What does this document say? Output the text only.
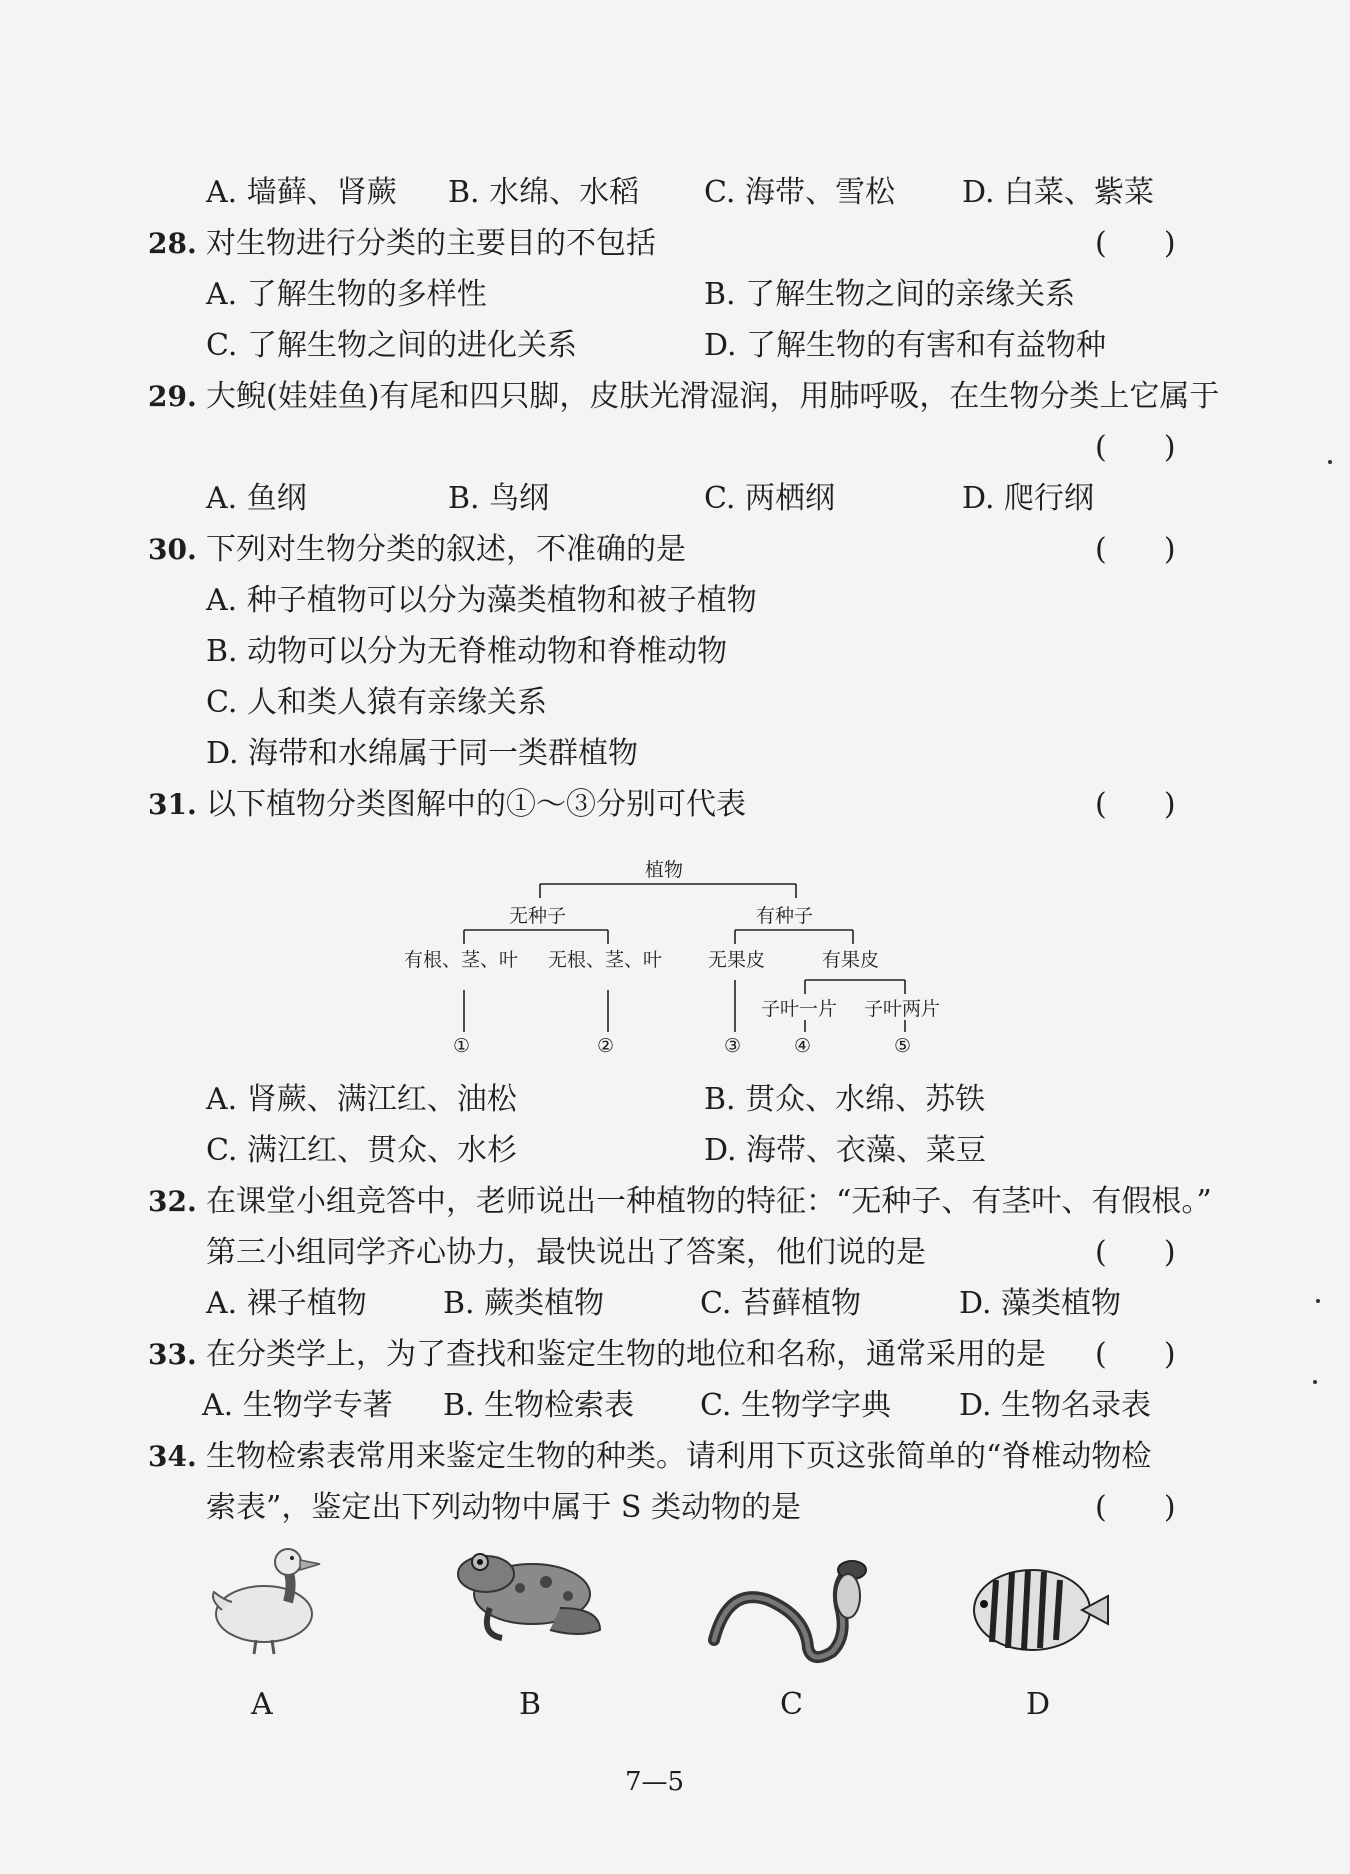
A. 墙藓、肾蕨 B. 水绵、水稻 C. 海带、雪松 D. 白菜、紫菜
28. 对生物进行分类的主要目的不包括	(      )
A. 了解生物的多样性	B. 了解生物之间的亲缘关系
C. 了解生物之间的进化关系	D. 了解生物的有害和有益物种
29. 大鲵(娃娃鱼)有尾和四只脚，皮肤光滑湿润，用肺呼吸，在生物分类上它属于
(      )
A. 鱼纲	B. 鸟纲	C. 两栖纲	D. 爬行纲
30. 下列对生物分类的叙述，不准确的是	(      )
A. 种子植物可以分为藻类植物和被子植物
B. 动物可以分为无脊椎动物和脊椎动物
C. 人和类人猿有亲缘关系
D. 海带和水绵属于同一类群植物
31. 以下植物分类图解中的①～③分别可代表	(      )
植物
无种子	有种子
有根、茎、叶 无根、茎、叶 无果皮	有果皮
子叶一片 子叶两片
①	②	③	④	⑤
A. 肾蕨、满江红、油松	B. 贯众、水绵、苏铁
C. 满江红、贯众、水杉	D. 海带、衣藻、菜豆
32. 在课堂小组竞答中，老师说出一种植物的特征：“无种子、有茎叶、有假根。”
第三小组同学齐心协力，最快说出了答案，他们说的是	(      )
A. 裸子植物	B. 蕨类植物	C. 苔藓植物	D. 藻类植物
33. 在分类学上，为了查找和鉴定生物的地位和名称，通常采用的是 (      )
A. 生物学专著 B. 生物检索表 C. 生物学字典 D. 生物名录表
34. 生物检索表常用来鉴定生物的种类。请利用下页这张简单的“脊椎动物检
索表”，鉴定出下列动物中属于 S 类动物的是	(      )
A	B	C	D
7—5
